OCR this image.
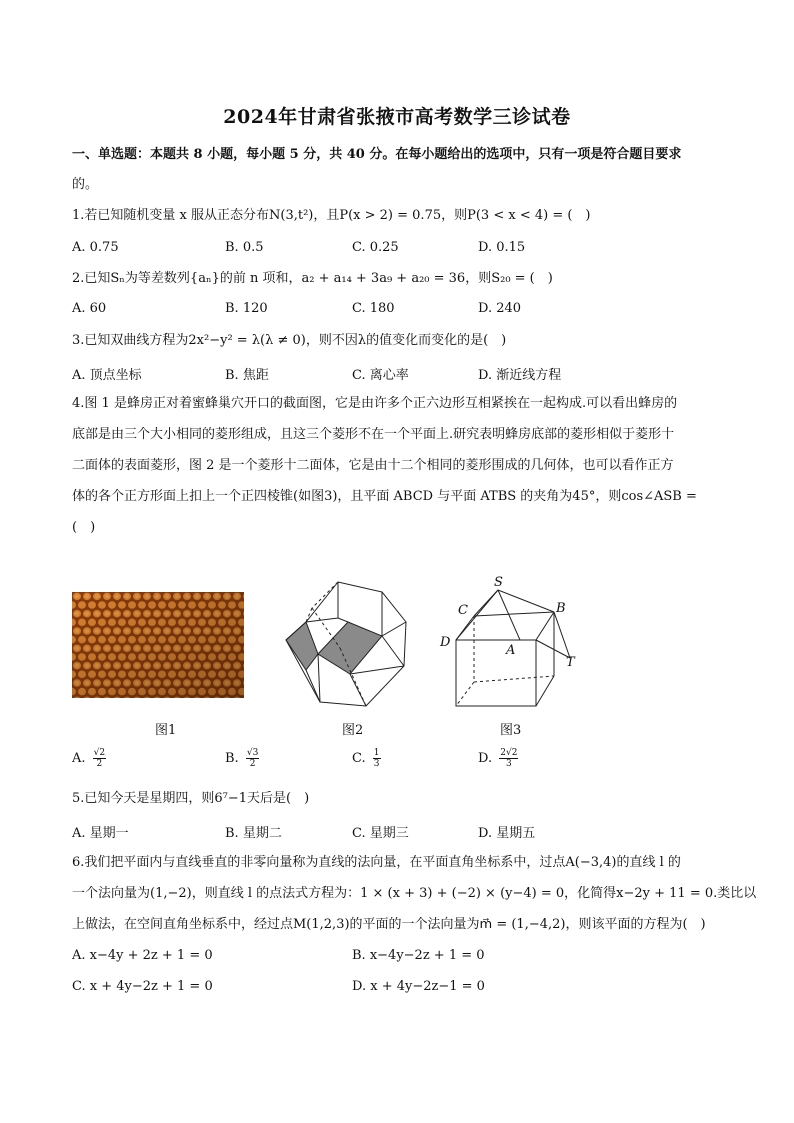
2024年甘肃省张掖市高考数学三诊试卷
一、单选题：本题共 8 小题，每小题 5 分，共 40 分。在每小题给出的选项中，只有一项是符合题目要求
的。
1.若已知随机变量 x 服从正态分布N(3,t²)，且P(x > 2) = 0.75，则P(3 < x < 4) = (　)
A. 0.75	B. 0.5	C. 0.25	D. 0.15
2.已知Sₙ为等差数列{aₙ}的前 n 项和，a₂ + a₁₄ + 3a₉ + a₂₀ = 36，则S₂₀ = (　)
A. 60	B. 120	C. 180	D. 240
3.已知双曲线方程为2x²−y² = λ(λ ≠ 0)，则不因λ的值变化而变化的是(　)
A. 顶点坐标	B. 焦距	C. 离心率	D. 渐近线方程
4.图 1 是蜂房正对着蜜蜂巢穴开口的截面图，它是由许多个正六边形互相紧挨在一起构成.可以看出蜂房的
底部是由三个大小相同的菱形组成，且这三个菱形不在一个平面上.研究表明蜂房底部的菱形相似于菱形十
二面体的表面菱形，图 2 是一个菱形十二面体，它是由十二个相同的菱形围成的几何体，也可以看作正方
体的各个正方形面上扣上一个正四棱锥(如图3)，且平面 ABCD 与平面 ATBS 的夹角为45°，则cos∠ASB =
(　)
图1	图2
S
C	B
D
A
T
图3
A. $\frac{√2}{2}$	B. $\frac{√3}{2}$	C. $\frac{1}{3}$	D. $\frac{2√2}{3}$
5.已知今天是星期四，则6⁷−1天后是(　)
A. 星期一	B. 星期二	C. 星期三	D. 星期五
6.我们把平面内与直线垂直的非零向量称为直线的法向量，在平面直角坐标系中，过点A(−3,4)的直线 l 的
一个法向量为(1,−2)，则直线 l 的点法式方程为：1 × (x + 3) + (−2) × (y−4) = 0，化简得x−2y + 11 = 0.类比以
上做法，在空间直角坐标系中，经过点M(1,2,3)的平面的一个法向量为m⃗ = (1,−4,2)，则该平面的方程为(　)
A. x−4y + 2z + 1 = 0	B. x−4y−2z + 1 = 0
C. x + 4y−2z + 1 = 0	D. x + 4y−2z−1 = 0
